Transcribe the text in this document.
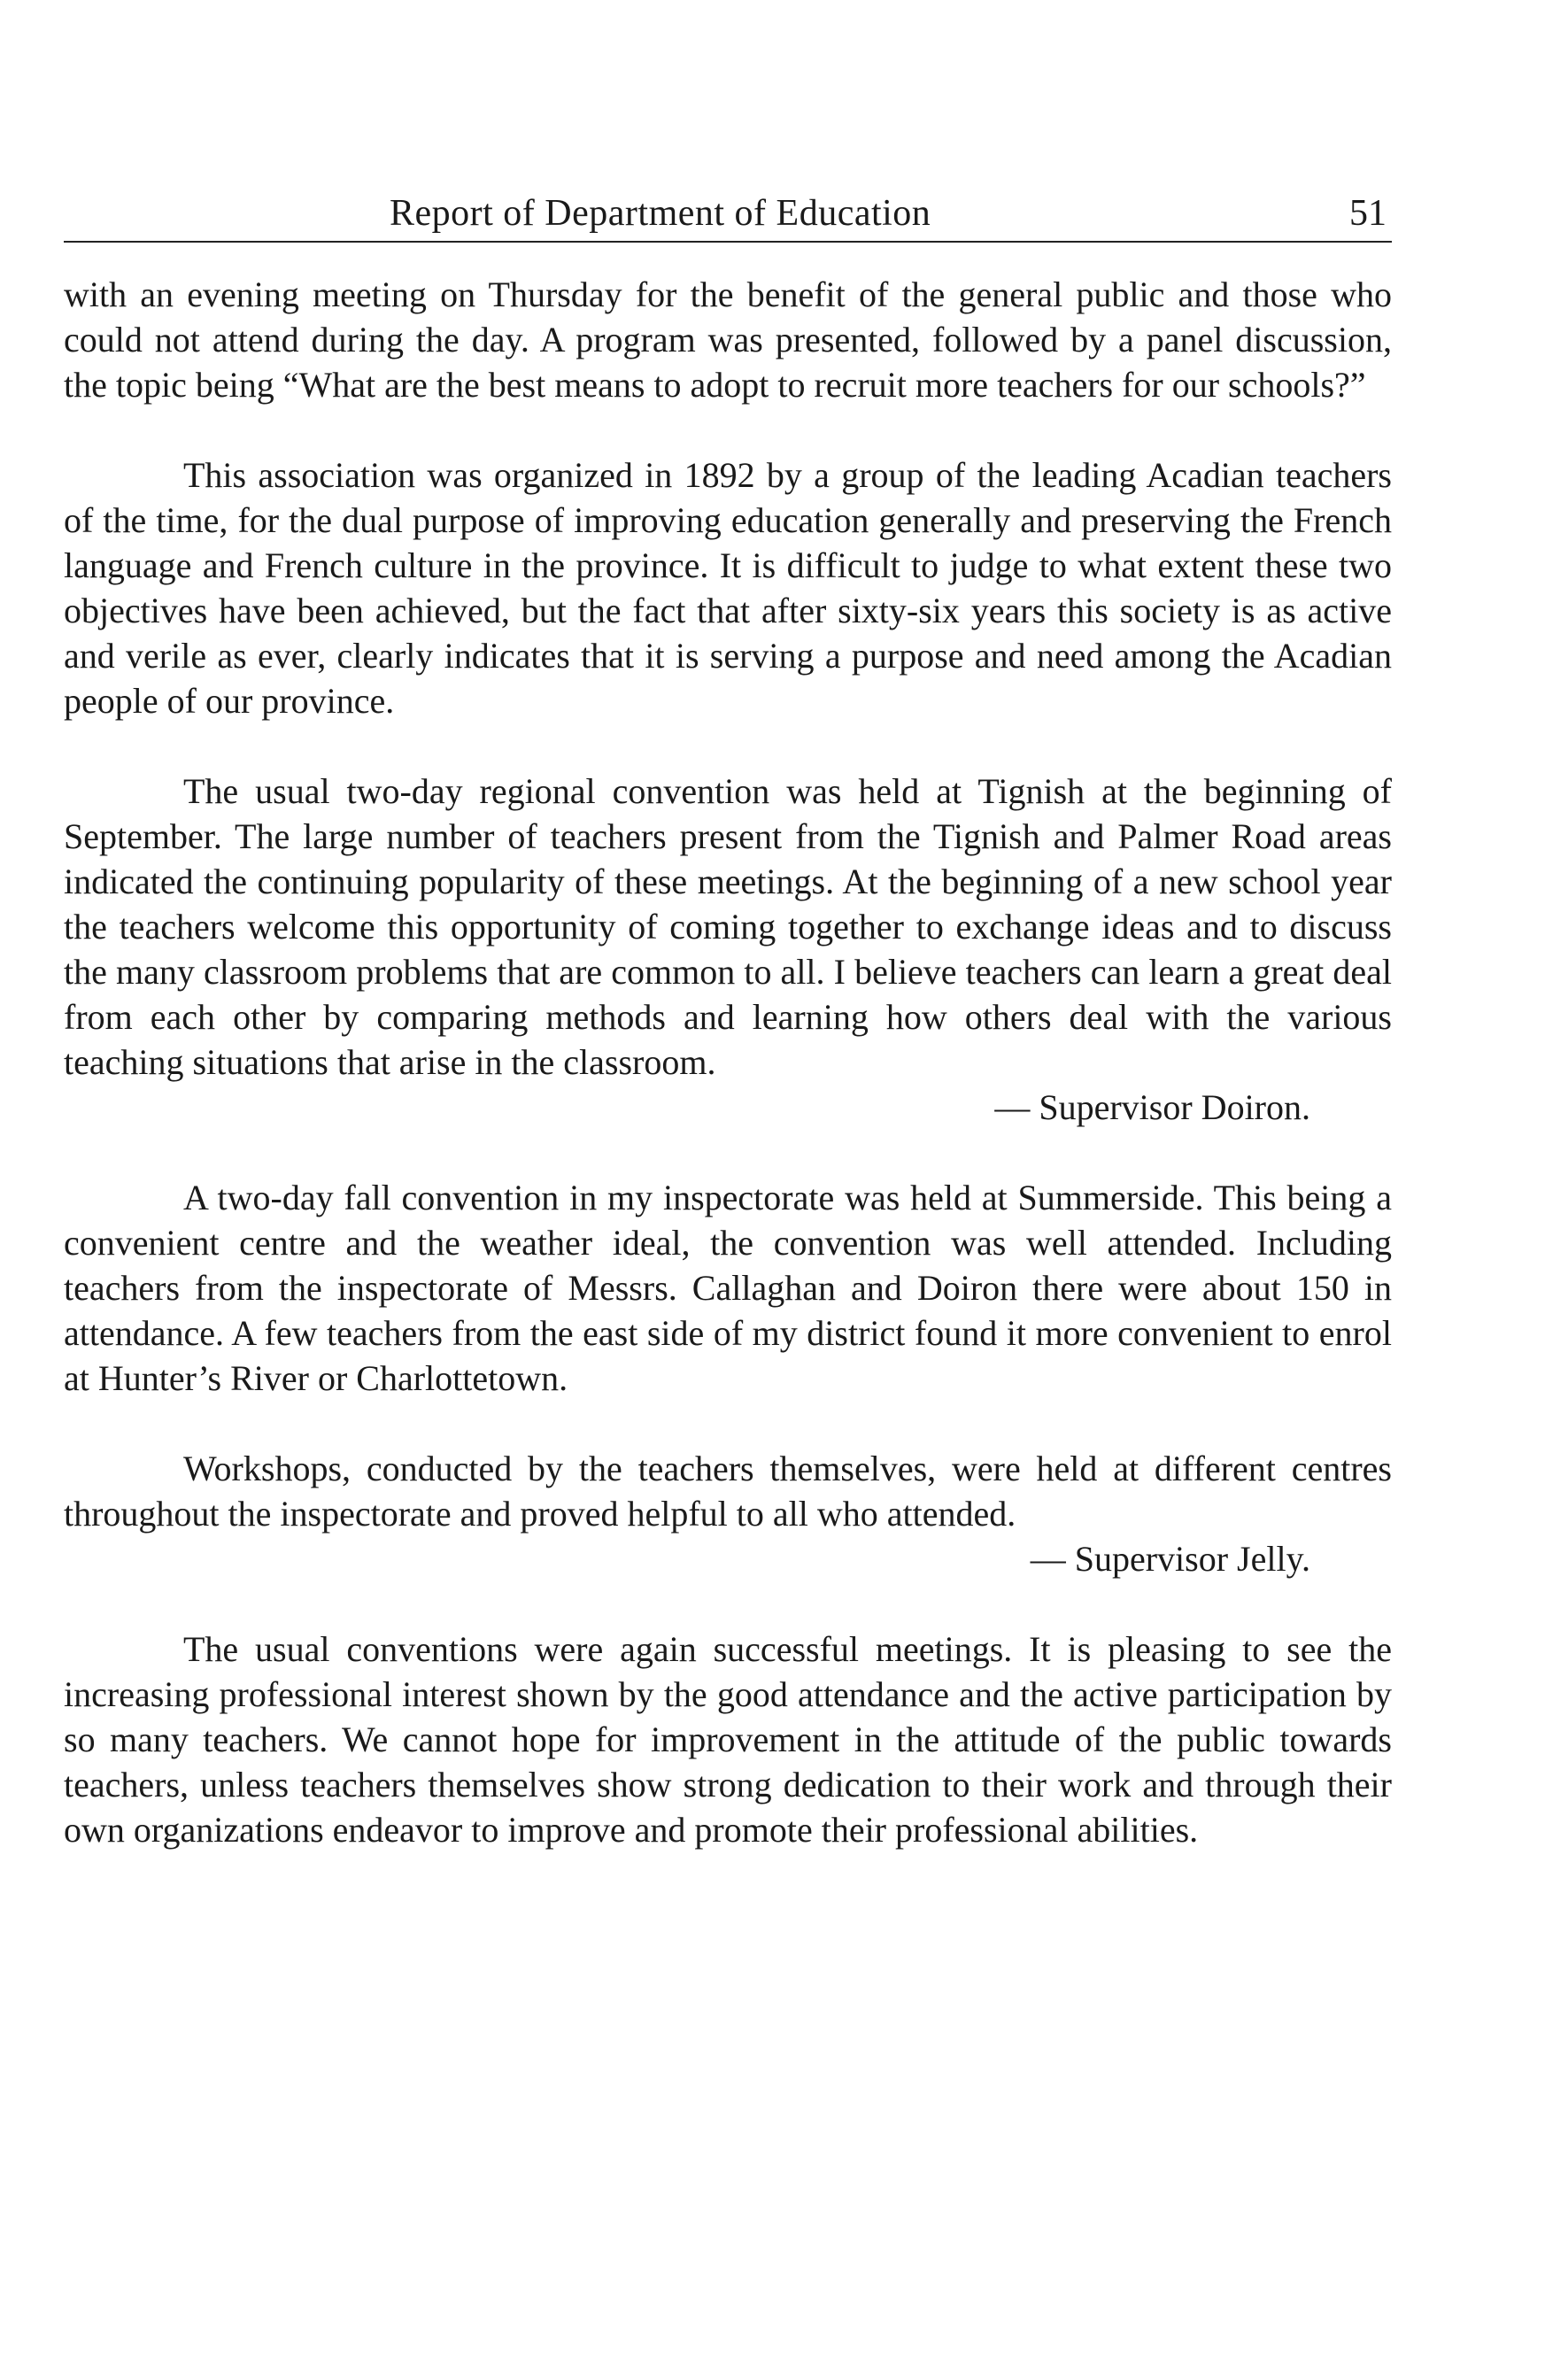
Report of Department of Education	51

with an evening meeting on Thursday for the benefit of the general public and those who could not attend during the day. A program was presented, followed by a panel discussion, the topic being “What are the best means to adopt to recruit more teachers for our schools?”

This association was organized in 1892 by a group of the leading Acadian teachers of the time, for the dual purpose of improving education generally and preserving the French language and French culture in the province. It is difficult to judge to what extent these two objectives have been achieved, but the fact that after sixty-six years this society is as active and verile as ever, clearly indicates that it is serving a purpose and need among the Acadian people of our province.

The usual two-day regional convention was held at Tignish at the beginning of September. The large number of teachers present from the Tignish and Palmer Road areas indicated the continuing popularity of these meetings. At the beginning of a new school year the teachers welcome this opportunity of coming together to exchange ideas and to discuss the many classroom problems that are common to all. I believe teachers can learn a great deal from each other by comparing methods and learning how others deal with the various teaching situations that arise in the classroom.

— Supervisor Doiron.

A two-day fall convention in my inspectorate was held at Summerside. This being a convenient centre and the weather ideal, the convention was well attended. Including teachers from the inspectorate of Messrs. Callaghan and Doiron there were about 150 in attendance. A few teachers from the east side of my district found it more convenient to enrol at Hunter’s River or Charlottetown.

Workshops, conducted by the teachers themselves, were held at different centres throughout the inspectorate and proved helpful to all who attended.

— Supervisor Jelly.

The usual conventions were again successful meetings. It is pleasing to see the increasing professional interest shown by the good attendance and the active participation by so many teachers. We cannot hope for improvement in the attitude of the public towards teachers, unless teachers themselves show strong dedication to their work and through their own organizations endeavor to improve and promote their professional abilities.
